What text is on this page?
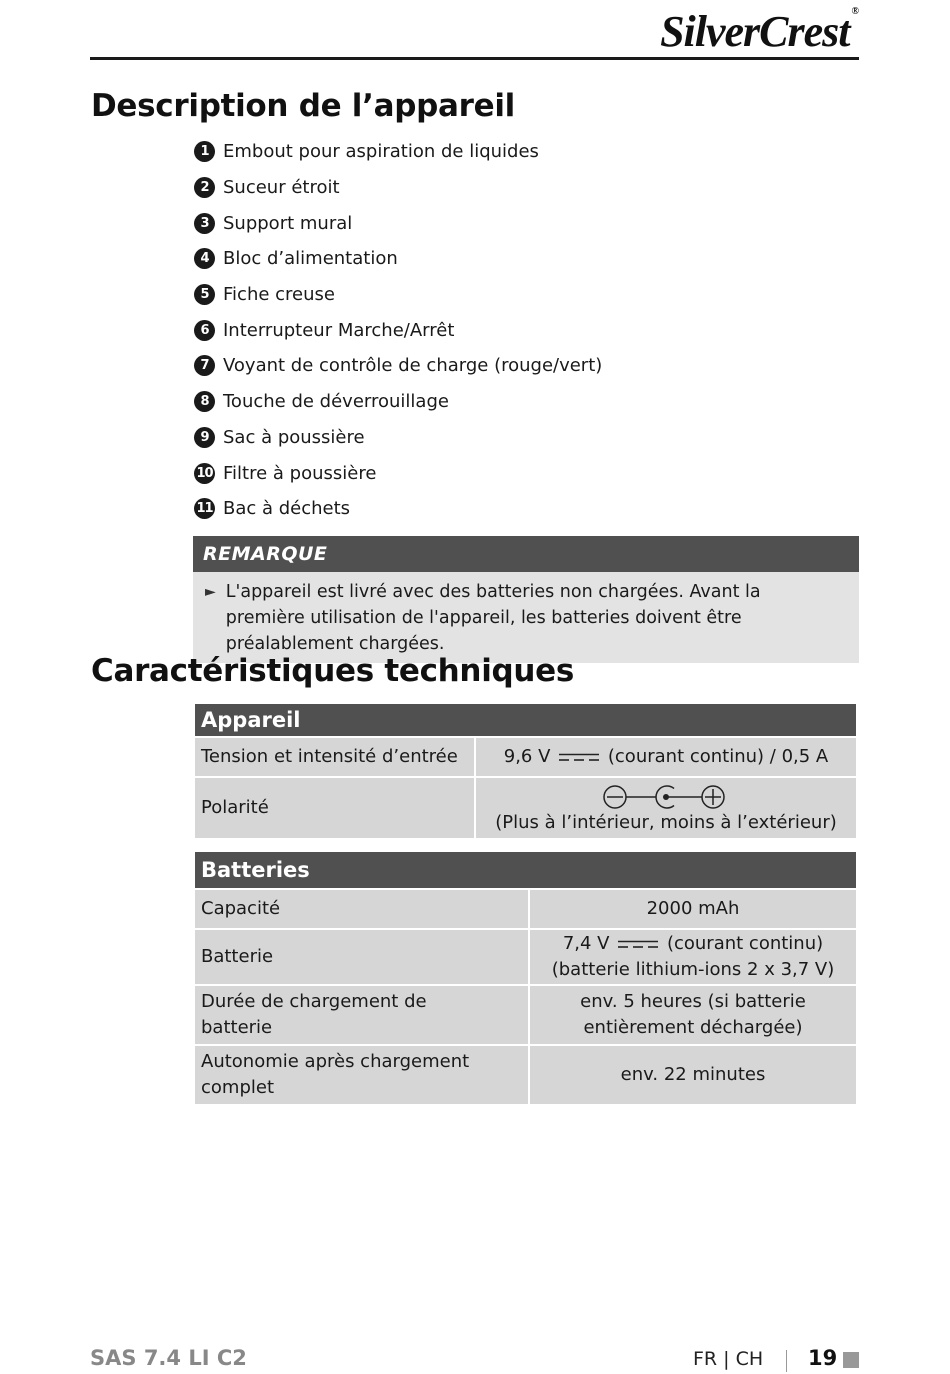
SilverCrest ®
Description de l’appareil
1 Embout pour aspiration de liquides
2 Suceur étroit
3 Support mural
4 Bloc d’alimentation
5 Fiche creuse
6 Interrupteur Marche/Arrêt
7 Voyant de contrôle de charge (rouge/vert)
8 Touche de déverrouillage
9 Sac à poussière
10 Filtre à poussière
11 Bac à déchets
REMARQUE
► L'appareil est livré avec des batteries non chargées. Avant la première utilisation de l'appareil, les batteries doivent être préalablement chargées.
Caractéristiques techniques
Appareil	
Tension et intensité d’entrée	9,6 V (courant continu) / 0,5 A
Polarité	(Plus à l’intérieur, moins à l’extérieur)
Batteries	
Capacité	2000 mAh
Batterie	7,4 V (courant continu)
(batterie lithium-ions 2 x 3,7 V)
Durée de chargement de batterie	env. 5 heures (si batterie entièrement déchargée)
Autonomie après chargement complet	env. 22 minutes
SAS 7.4 LI C2	FR | CH 19
